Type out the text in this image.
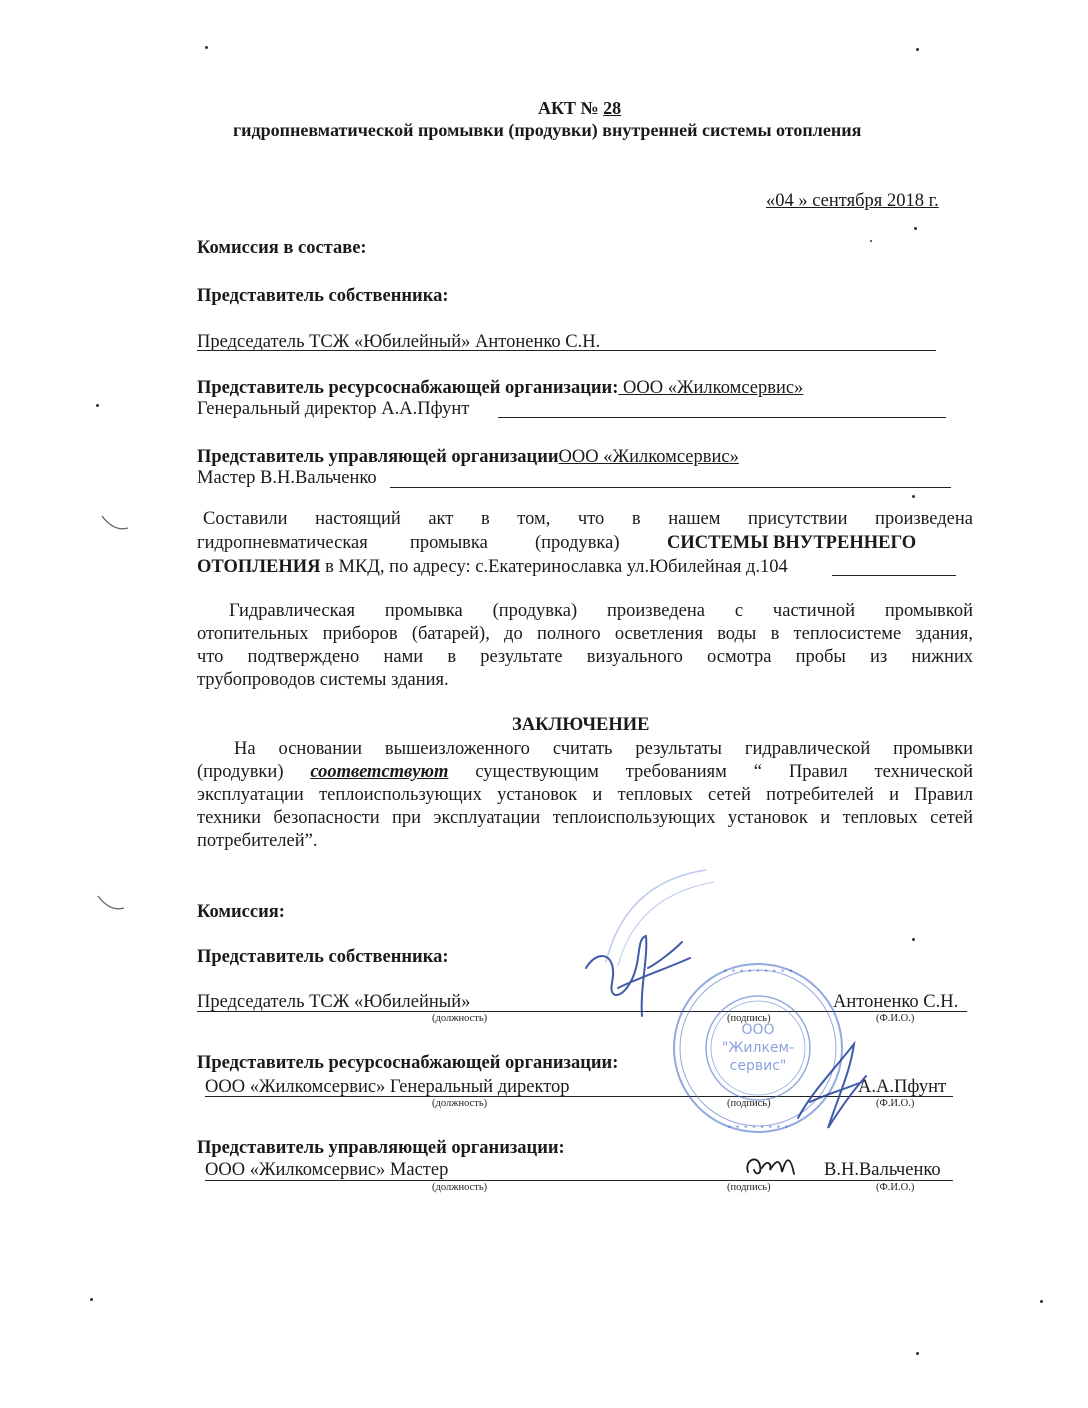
АКТ № 28
гидропневматической промывки (продувки) внутренней системы отопления
«04 » сентября 2018 г.
Комиссия в составе:
Представитель собственника:
Председатель ТСЖ «Юбилейный» Антоненко С.Н.
Представитель ресурсоснабжающей организации: ООО «Жилкомсервис»
Генеральный директор А.А.Пфунт
Представитель управляющей организацииООО «Жилкомсервис»
Мастер В.Н.Вальченко
Составили настоящий акт в том, что в нашем присутствии произведена
гидропневматическая промывка	(продувка)	СИСТЕМЫ ВНУТРЕННЕГО
ОТОПЛЕНИЯ в МКД, по адресу: с.Екатеринославка ул.Юбилейная д.104
Гидравлическая промывка (продувка) произведена с частичной промывкой
отопительных приборов (батарей), до полного осветления воды в теплосистеме здания,
что подтверждено нами в результате визуального осмотра пробы из нижних
трубопроводов системы здания.
ЗАКЛЮЧЕНИЕ
На основании вышеизложенного считать результаты гидравлической промывки
(продувки) соответствуют существующим требованиям “ Правил технической
эксплуатации теплоиспользующих установок и тепловых сетей потребителей и Правил
техники безопасности при эксплуатации теплоиспользующих установок и тепловых сетей
потребителей”.
Комиссия:
Представитель собственника:
Председатель ТСЖ «Юбилейный»	Антоненко С.Н.
(должность)	(подпись)	(Ф.И.О.)
Представитель ресурсоснабжающей организации:
ООО «Жилкомсервис» Генеральный директор	А.А.Пфунт
(должность)	(подпись)	(Ф.И.О.)
Представитель управляющей организации:
ООО «Жилкомсервис» Мастер	В.Н.Вальченко
(должность)	(подпись)	(Ф.И.О.)
• • • • • • • • •
• • • • • • • •
ООО
"Жилкем-
сервис"
